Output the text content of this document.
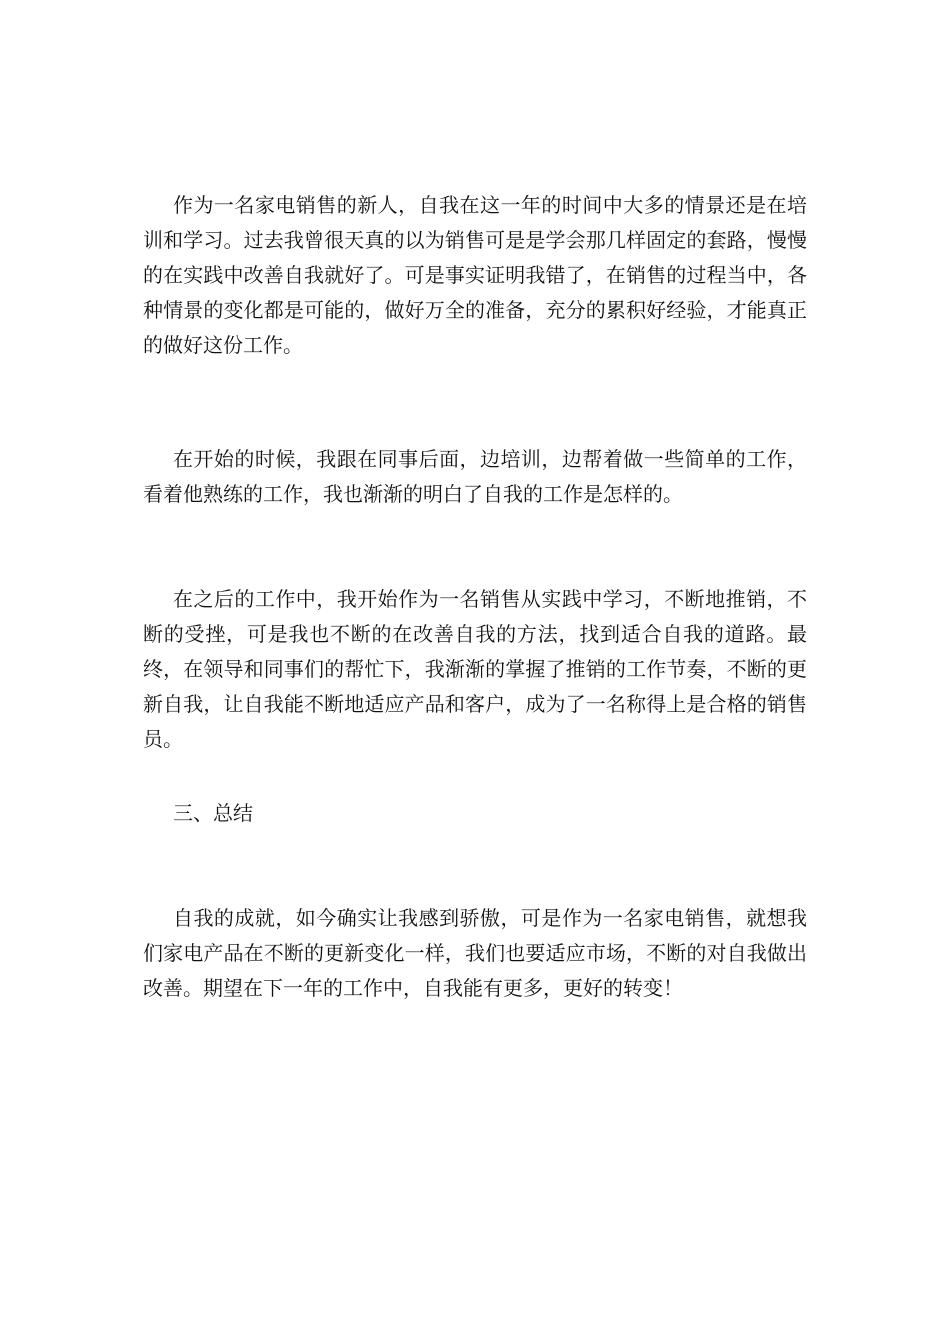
作为一名家电销售的新人，自我在这一年的时间中大多的情景还是在培训和学习。过去我曾很天真的以为销售可是是学会那几样固定的套路，慢慢的在实践中改善自我就好了。可是事实证明我错了，在销售的过程当中，各种情景的变化都是可能的，做好万全的准备，充分的累积好经验，才能真正的做好这份工作。

在开始的时候，我跟在同事后面，边培训，边帮着做一些简单的工作，看着他熟练的工作，我也渐渐的明白了自我的工作是怎样的。

在之后的工作中，我开始作为一名销售从实践中学习，不断地推销，不断的受挫，可是我也不断的在改善自我的方法，找到适合自我的道路。最终，在领导和同事们的帮忙下，我渐渐的掌握了推销的工作节奏，不断的更新自我，让自我能不断地适应产品和客户，成为了一名称得上是合格的销售员。

三、总结

自我的成就，如今确实让我感到骄傲，可是作为一名家电销售，就想我们家电产品在不断的更新变化一样，我们也要适应市场，不断的对自我做出改善。期望在下一年的工作中，自我能有更多，更好的转变！
